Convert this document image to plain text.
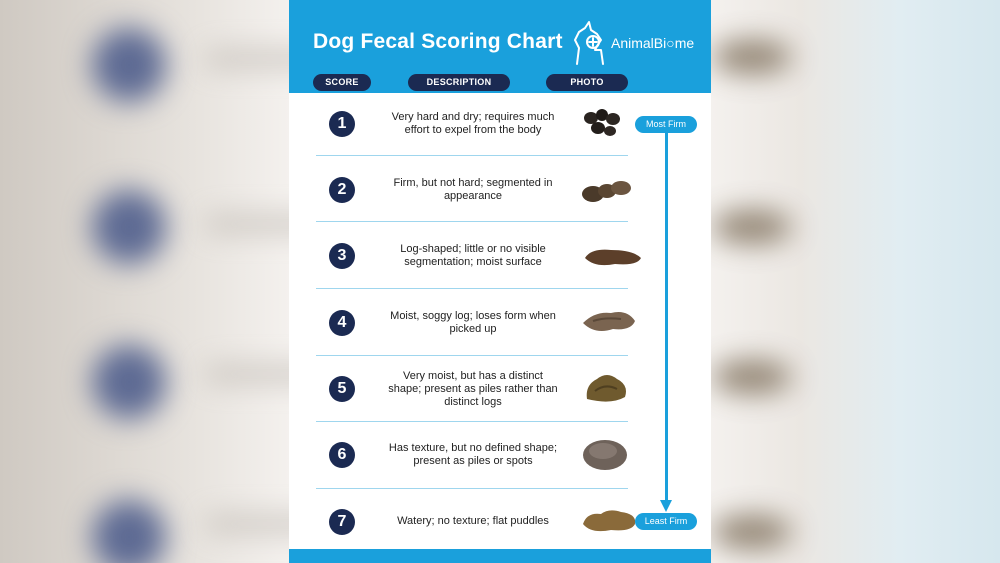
Dog Fecal Scoring Chart	AnimalBi○me
SCORE	DESCRIPTION	PHOTO
1	Very hard and dry; requires much
effort to expel from the body
2	Firm, but not hard; segmented in
appearance
3	Log-shaped; little or no visible
segmentation; moist surface
4	Moist, soggy log; loses form when
picked up
5
Very moist, but has a distinct
shape; present as piles rather than
distinct logs
6	Has texture, but no defined shape;
present as piles or spots
7	Watery; no texture; flat puddles
Most Firm
Least Firm
